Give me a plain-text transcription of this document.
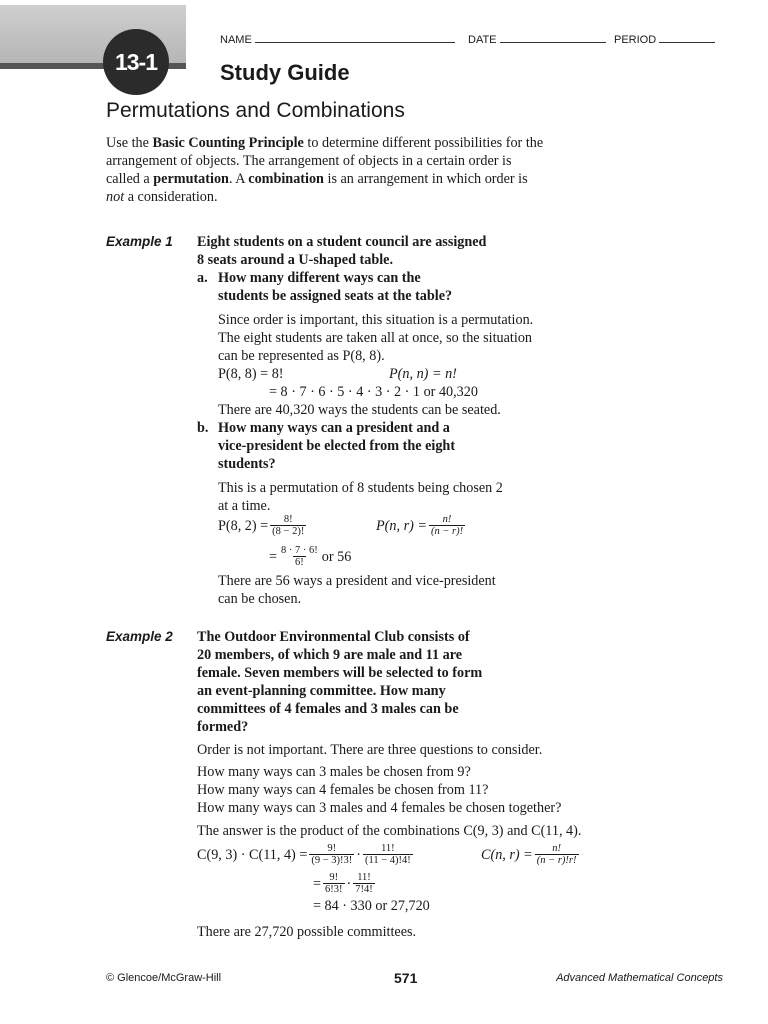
13-1
NAME	DATE	PERIOD
Study Guide
Permutations and Combinations
Use the Basic Counting Principle to determine different possibilities for the arrangement of objects. The arrangement of objects in a certain order is called a permutation. A combination is an arrangement in which order is not a consideration.
Example 1 Eight students on a student council are assigned
8 seats around a U-shaped table.
a. How many different ways can the
students be assigned seats at the table?
Since order is important, this situation is a permutation.
The eight students are taken all at once, so the situation
can be represented as P(8, 8).
P(8, 8) = 8!	P(n, n) = n!
= 8 · 7 · 6 · 5 · 4 · 3 · 2 · 1 or 40,320
There are 40,320 ways the students can be seated.
b. How many ways can a president and a
vice-president be elected from the eight
students?
This is a permutation of 8 students being chosen 2
at a time.
P(8, $2) = \frac{8!}{(8 - 2)!}$	P(n, $r) = \frac{n!}{(n - r)!}$
= $\frac{8 \cdot 7 \cdot 6!}{6!}$ or 56
There are 56 ways a president and vice-president
can be chosen.
Example 2 The Outdoor Environmental Club consists of
20 members, of which 9 are male and 11 are
female. Seven members will be selected to form
an event-planning committee. How many
committees of 4 females and 3 males can be
formed?
Order is not important. There are three questions to consider.
How many ways can 3 males be chosen from 9?
How many ways can 4 females be chosen from 11?
How many ways can 3 males and 4 females be chosen together?
The answer is the product of the combinations C(9, 3) and C(11, 4).
C(9, 3) · C(11, $4) = \frac{9!}{(9 - 3)!3!} \cdot \frac{11!}{(11 - 4)!4!}$	C(n, $r) = \frac{n!}{(n - r)!r!}$
= $\frac{9!}{6!3!} \cdot \frac{11!}{7!4!}$
= 84 · 330 or 27,720
There are 27,720 possible committees.
© Glencoe/McGraw-Hill	571	Advanced Mathematical Concepts
